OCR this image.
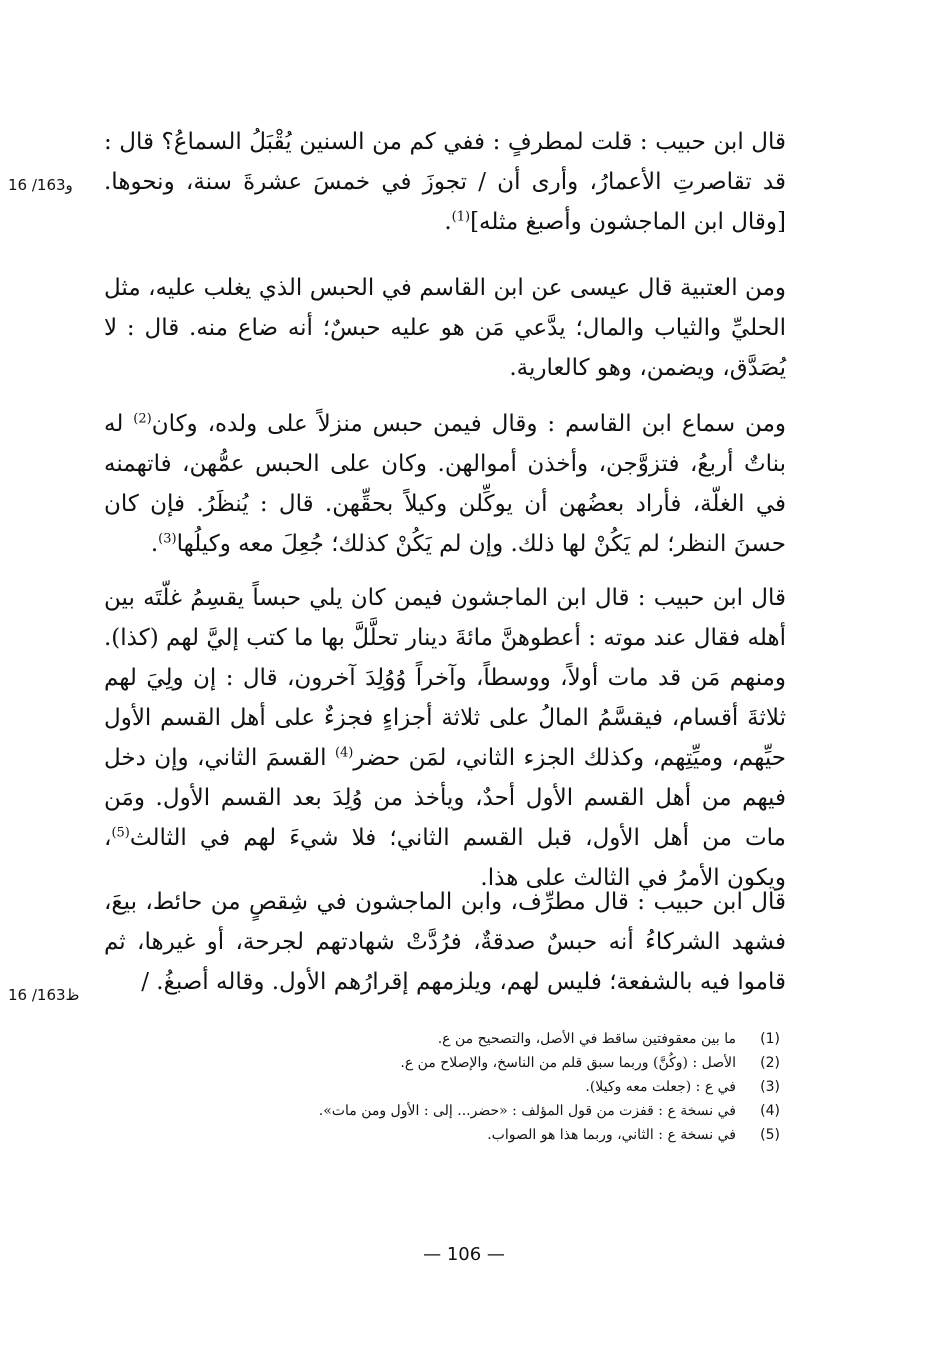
16 /163و
16 /163ظ

قال ابن حبيب : قلت لمطرفٍ : ففي كم من السنين يُقْبَلُ السماعُ؟ قال : قد تقاصرتِ الأعمارُ، وأرى أن / تجوزَ في خمسَ عشرةَ سنة، ونحوها. [وقال ابن الماجشون وأصبغ مثله]$^{(1)}$.

ومن العتبية قال عيسى عن ابن القاسم في الحبس الذي يغلب عليه، مثل الحليِّ والثياب والمال؛ يدَّعي مَن هو عليه حبسٌ؛ أنه ضاع منه. قال : لا يُصَدَّق، ويضمن، وهو كالعارية.

ومن سماع ابن القاسم : وقال فيمن حبس منزلاً على ولده، وكان$^{(2)}$ له بناتٌ أربعُ، فتزوَّجن، وأخذن أموالهن. وكان على الحبس عمُّهن، فاتهمنه في الغلّة، فأراد بعضُهن أن يوكِّلن وكيلاً بحقِّهن. قال : يُنظَرُ. فإن كان حسنَ النظر؛ لم يَكُنْ لها ذلك. وإن لم يَكُنْ كذلك؛ جُعِلَ معه وكيلُها$^{(3)}$.

قال ابن حبيب : قال ابن الماجشون فيمن كان يلي حبساً يقسِمُ غلّتَه بين أهله فقال عند موته : أعطوهنَّ مائةَ دينار تحلَّلَّ بها ما كتب إليَّ لهم (كذا). ومنهم مَن قد مات أولاً، ووسطاً، وآخراً وُوُلِدَ آخرون، قال : إن ولِيَ لهم ثلاثةَ أقسام، فيقسَّمُ المالُ على ثلاثة أجزاءٍ فجزءٌ على أهل القسم الأول حيِّهم، وميِّتِهم، وكذلك الجزء الثاني، لمَن حضر$^{(4)}$ القسمَ الثاني، وإن دخل فيهم من أهل القسم الأول أحدٌ، ويأخذ من وُلِدَ بعد القسم الأول. ومَن مات من أهل الأول، قبل القسم الثاني؛ فلا شيءَ لهم في الثالث$^{(5)}$، ويكون الأمرُ في الثالث على هذا.

قال ابن حبيب : قال مطرِّف، وابن الماجشون في شِقصٍ من حائط، بيعَ، فشهد الشركاءُ أنه حبسٌ صدقةٌ، فرُدَّتْ شهادتهم لجرحة، أو غيرها، ثم قاموا فيه بالشفعة؛ فليس لهم، ويلزمهم إقرارُهم الأول. وقاله أصبغُ. /

(1)
ما بين معقوفتين ساقط في الأصل، والتصحيح من ع.
(2)
الأصل : (وكُنَّ) وربما سبق قلم من الناسخ، والإصلاح من ع.
(3)
في ع : (جعلت معه وكيلا).
(4)
في نسخة ع : قفزت من قول المؤلف : «حضر... إلى : الأول ومن مات».
(5)
في نسخة ع : الثاني، وربما هذا هو الصواب.
— 106 —
